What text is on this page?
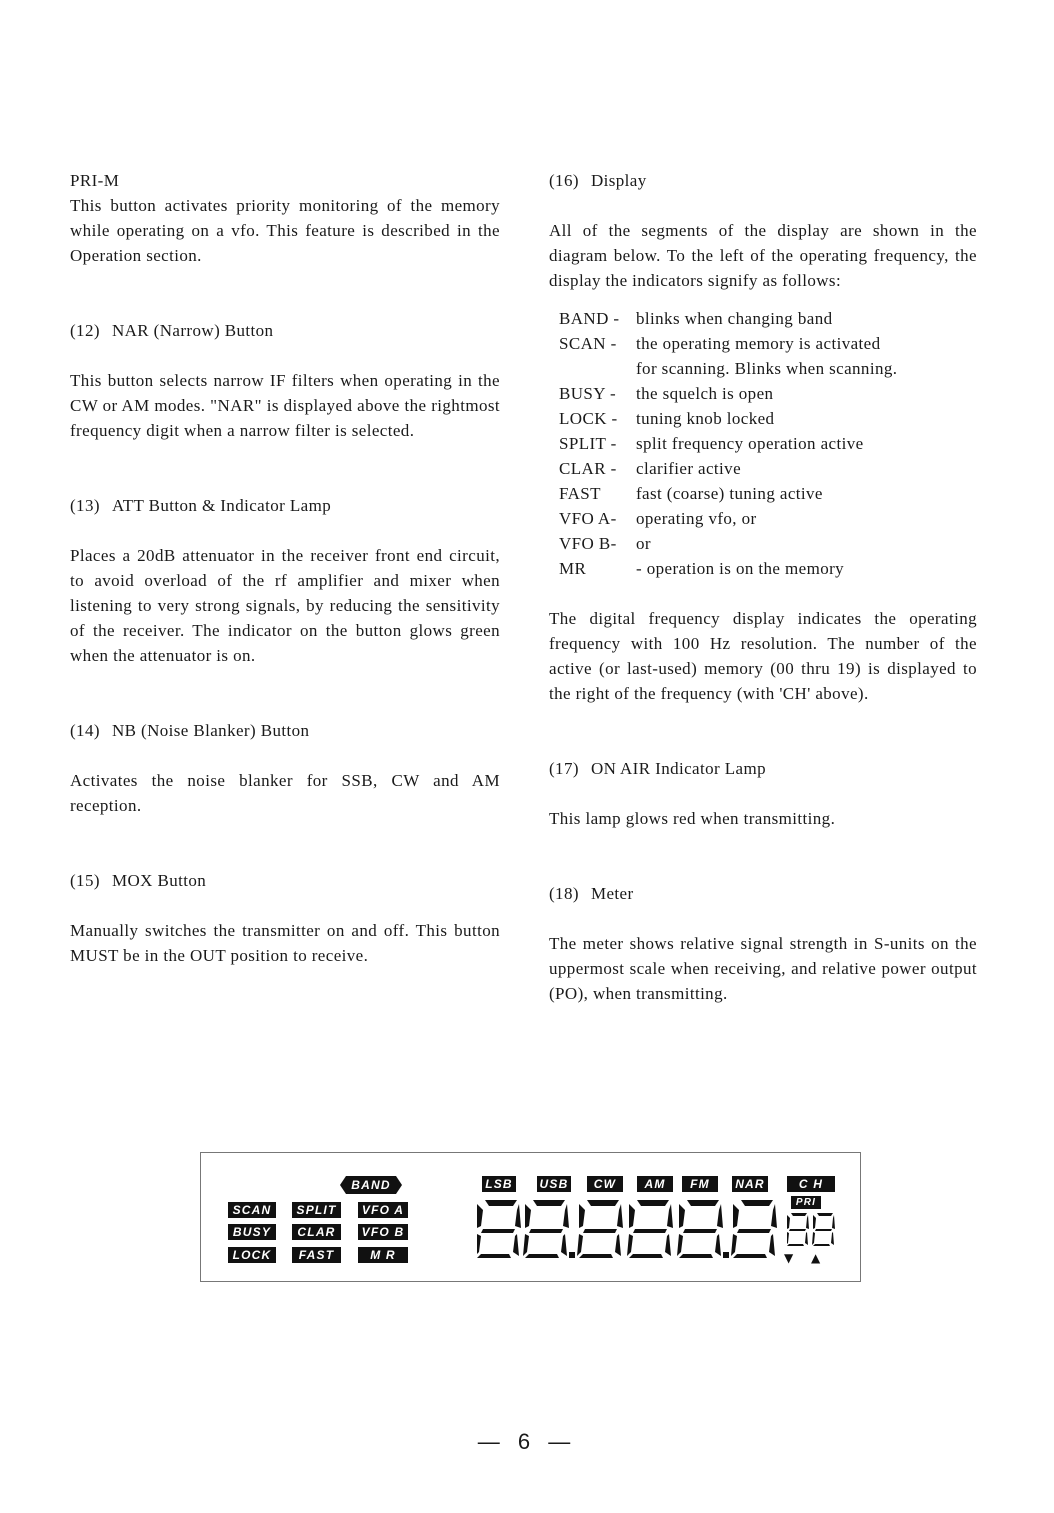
PRI-M

This button activates priority monitoring of the memory while operating on a vfo. This feature is described in the Operation section.

(12) NAR (Narrow) Button

This button selects narrow IF filters when operating in the CW or AM modes. "NAR" is displayed above the rightmost frequency digit when a narrow filter is selected.

(13) ATT Button & Indicator Lamp

Places a 20dB attenuator in the receiver front end circuit, to avoid overload of the rf amplifier and mixer when listening to very strong signals, by reducing the sensitivity of the receiver. The indicator on the button glows green when the attenuator is on.

(14) NB (Noise Blanker) Button

Activates the noise blanker for SSB, CW and AM reception.

(15) MOX Button

Manually switches the transmitter on and off. This button MUST be in the OUT position to receive.

(16) Display

All of the segments of the display are shown in the diagram below. To the left of the operating frequency, the display the indicators signify as follows:

BAND - blinks when changing band
SCAN -	the operating memory is activated
for scanning. Blinks when scanning.
BUSY -	the squelch is open
LOCK -	tuning knob locked
SPLIT -	split frequency operation active
CLAR -	clarifier active
FAST	fast (coarse) tuning active
VFO A-	operating vfo, or
VFO B-	or
MR	- operation is on the memory

The digital frequency display indicates the operating frequency with 100 Hz resolution. The number of the active (or last-used) memory (00 thru 19) is displayed to the right of the frequency (with 'CH' above).

(17) ON AIR Indicator Lamp

This lamp glows red when transmitting.

(18) Meter

The meter shows relative signal strength in S-units on the uppermost scale when receiving, and relative power output (PO), when transmitting.

BAND
SCAN	SPLIT	VFO A
BUSY	CLAR	VFO B
LOCK	FAST	M R
LSB USB	CW	AM	FM	NAR	C H
PRI
▼ ▲
— 6 —
